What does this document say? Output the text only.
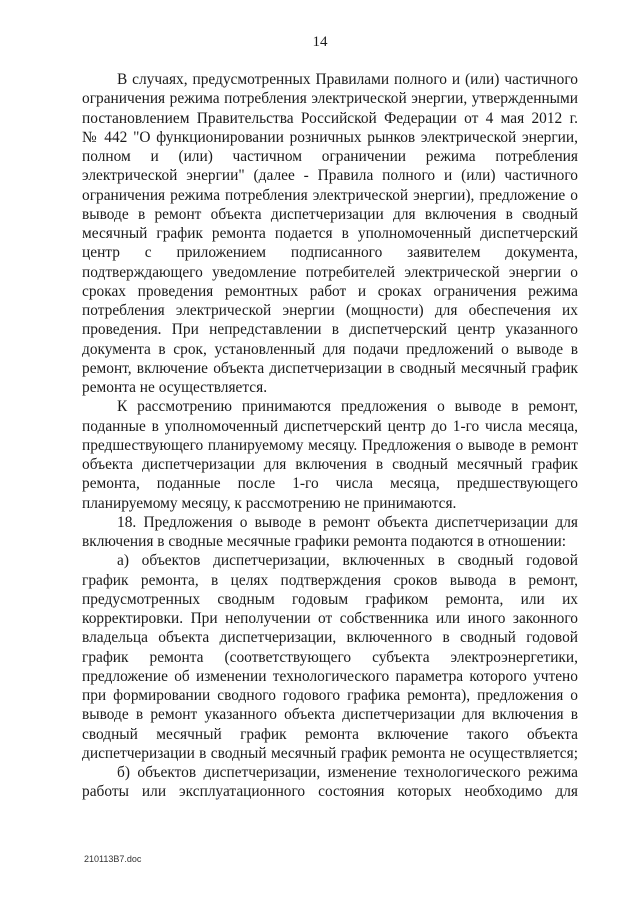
14
В случаях, предусмотренных Правилами полного и (или) частичного
ограничения режима потребления электрической энергии, утвержденными
постановлением Правительства Российской Федерации от 4 мая 2012 г.
№ 442 "О функционировании розничных рынков электрической энергии,
полном и (или) частичном ограничении режима потребления
электрической энергии" (далее - Правила полного и (или) частичного
ограничения режима потребления электрической энергии), предложение о
выводе в ремонт объекта диспетчеризации для включения в сводный
месячный график ремонта подается в уполномоченный диспетчерский
центр с приложением подписанного заявителем документа,
подтверждающего уведомление потребителей электрической энергии о
сроках проведения ремонтных работ и сроках ограничения режима
потребления электрической энергии (мощности) для обеспечения их
проведения. При непредставлении в диспетчерский центр указанного
документа в срок, установленный для подачи предложений о выводе в
ремонт, включение объекта диспетчеризации в сводный месячный график
ремонта не осуществляется.
К рассмотрению принимаются предложения о выводе в ремонт,
поданные в уполномоченный диспетчерский центр до 1-го числа месяца,
предшествующего планируемому месяцу. Предложения о выводе в ремонт
объекта диспетчеризации для включения в сводный месячный график
ремонта, поданные после 1-го числа месяца, предшествующего
планируемому месяцу, к рассмотрению не принимаются.
18. Предложения о выводе в ремонт объекта диспетчеризации для
включения в сводные месячные графики ремонта подаются в отношении:
а) объектов диспетчеризации, включенных в сводный годовой
график ремонта, в целях подтверждения сроков вывода в ремонт,
предусмотренных сводным годовым графиком ремонта, или их
корректировки. При неполучении от собственника или иного законного
владельца объекта диспетчеризации, включенного в сводный годовой
график ремонта (соответствующего субъекта электроэнергетики,
предложение об изменении технологического параметра которого учтено
при формировании сводного годового графика ремонта), предложения о
выводе в ремонт указанного объекта диспетчеризации для включения в
сводный месячный график ремонта включение такого объекта
диспетчеризации в сводный месячный график ремонта не осуществляется;
б) объектов диспетчеризации, изменение технологического режима
работы или эксплуатационного состояния которых необходимо для
210113В7.doc
